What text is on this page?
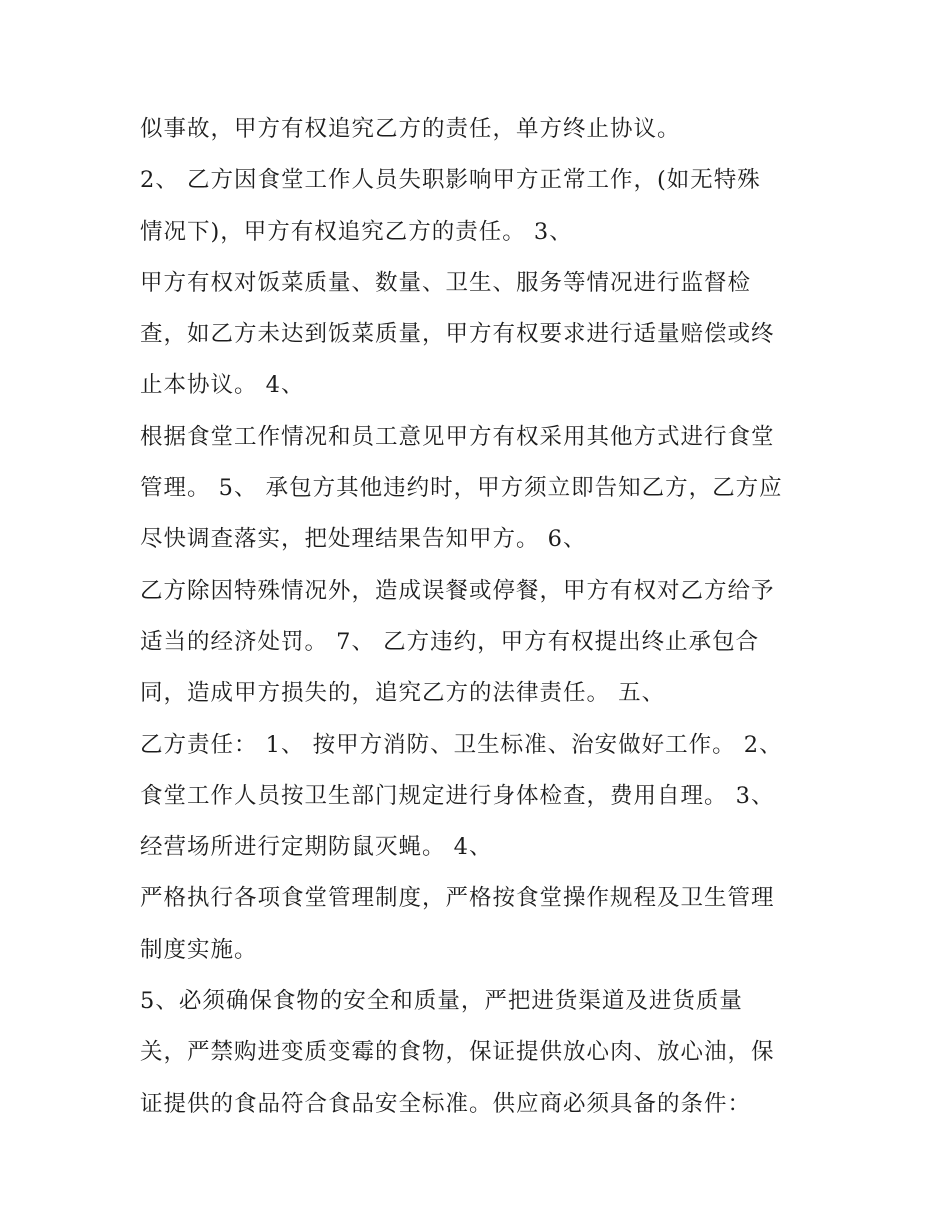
似事故，甲方有权追究乙方的责任，单方终止协议。
2、 乙方因食堂工作人员失职影响甲方正常工作，(如无特殊
情况下)，甲方有权追究乙方的责任。 3、
甲方有权对饭菜质量、数量、卫生、服务等情况进行监督检
查，如乙方未达到饭菜质量，甲方有权要求进行适量赔偿或终
止本协议。 4、
根据食堂工作情况和员工意见甲方有权采用其他方式进行食堂
管理。 5、 承包方其他违约时，甲方须立即告知乙方，乙方应
尽快调查落实，把处理结果告知甲方。 6、
乙方除因特殊情况外，造成误餐或停餐，甲方有权对乙方给予
适当的经济处罚。 7、 乙方违约，甲方有权提出终止承包合
同，造成甲方损失的，追究乙方的法律责任。 五、
乙方责任： 1、 按甲方消防、卫生标准、治安做好工作。 2、
食堂工作人员按卫生部门规定进行身体检查，费用自理。 3、
经营场所进行定期防鼠灭蝇。 4、
严格执行各项食堂管理制度，严格按食堂操作规程及卫生管理
制度实施。
5、必须确保食物的安全和质量，严把进货渠道及进货质量
关，严禁购进变质变霉的食物，保证提供放心肉、放心油，保
证提供的食品符合食品安全标准。供应商必须具备的条件：
